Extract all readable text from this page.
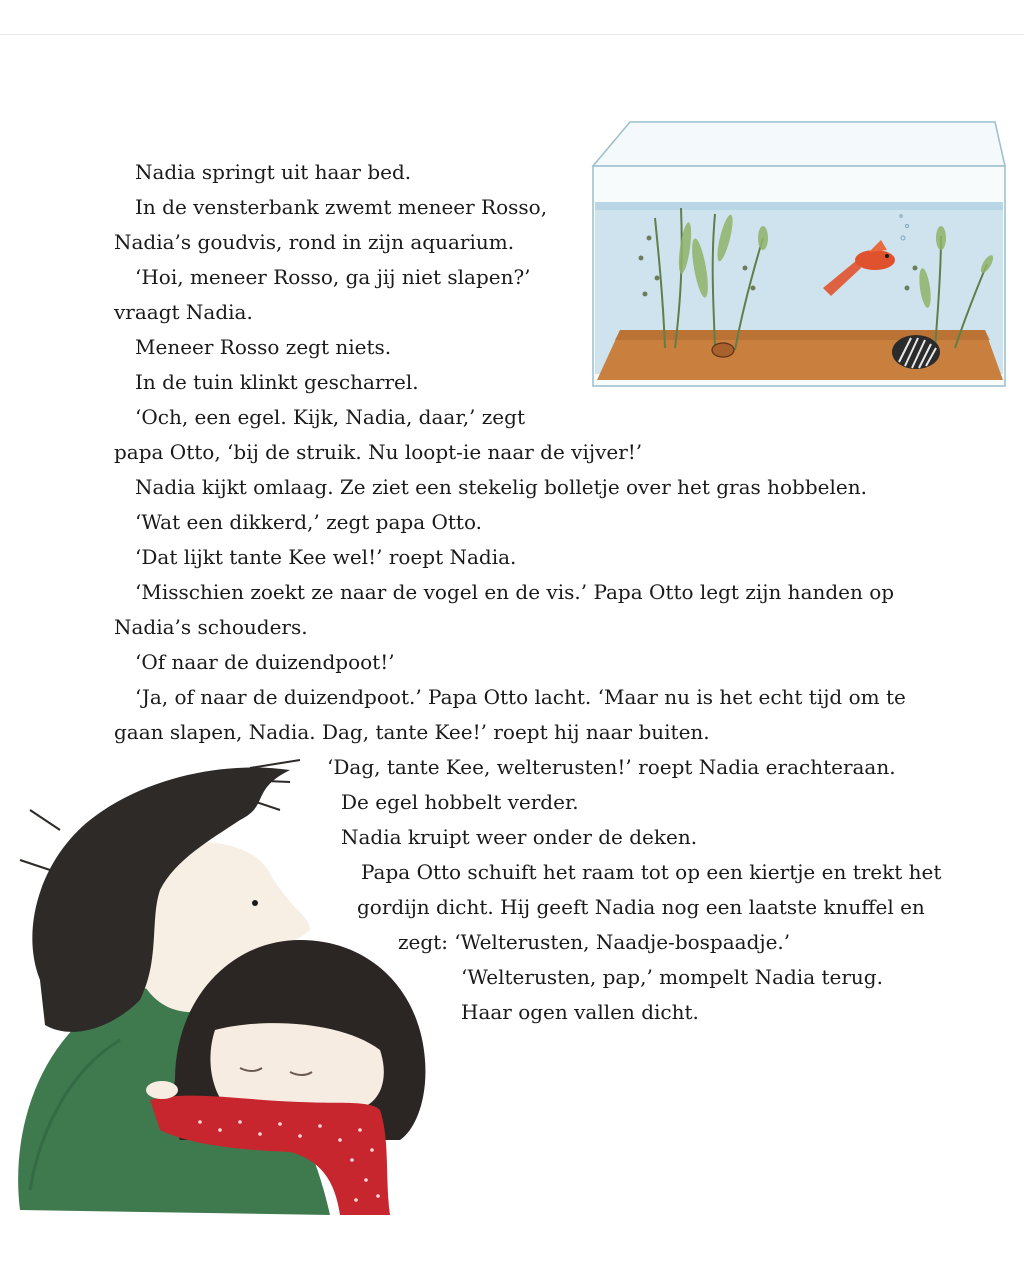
Nadia springt uit haar bed.
In de vensterbank zwemt meneer Rosso,
Nadia’s goudvis, rond in zijn aquarium.
‘Hoi, meneer Rosso, ga jij niet slapen?’
vraagt Nadia.
Meneer Rosso zegt niets.
In de tuin klinkt gescharrel.
‘Och, een egel. Kijk, Nadia, daar,’ zegt
papa Otto, ‘bij de struik. Nu loopt-ie naar de vijver!’
Nadia kijkt omlaag. Ze ziet een stekelig bolletje over het gras hobbelen.
‘Wat een dikkerd,’ zegt papa Otto.
‘Dat lijkt tante Kee wel!’ roept Nadia.
‘Misschien zoekt ze naar de vogel en de vis.’ Papa Otto legt zijn handen op
Nadia’s schouders.
‘Of naar de duizendpoot!’
‘Ja, of naar de duizendpoot.’ Papa Otto lacht. ‘Maar nu is het echt tijd om te
gaan slapen, Nadia. Dag, tante Kee!’ roept hij naar buiten.
‘Dag, tante Kee, welterusten!’ roept Nadia erachteraan.
De egel hobbelt verder.
Nadia kruipt weer onder de deken.
Papa Otto schuift het raam tot op een kiertje en trekt het
gordijn dicht. Hij geeft Nadia nog een laatste knuffel en
zegt: ‘Welterusten, Naadje-bospaadje.’
‘Welterusten, pap,’ mompelt Nadia terug.
Haar ogen vallen dicht.
